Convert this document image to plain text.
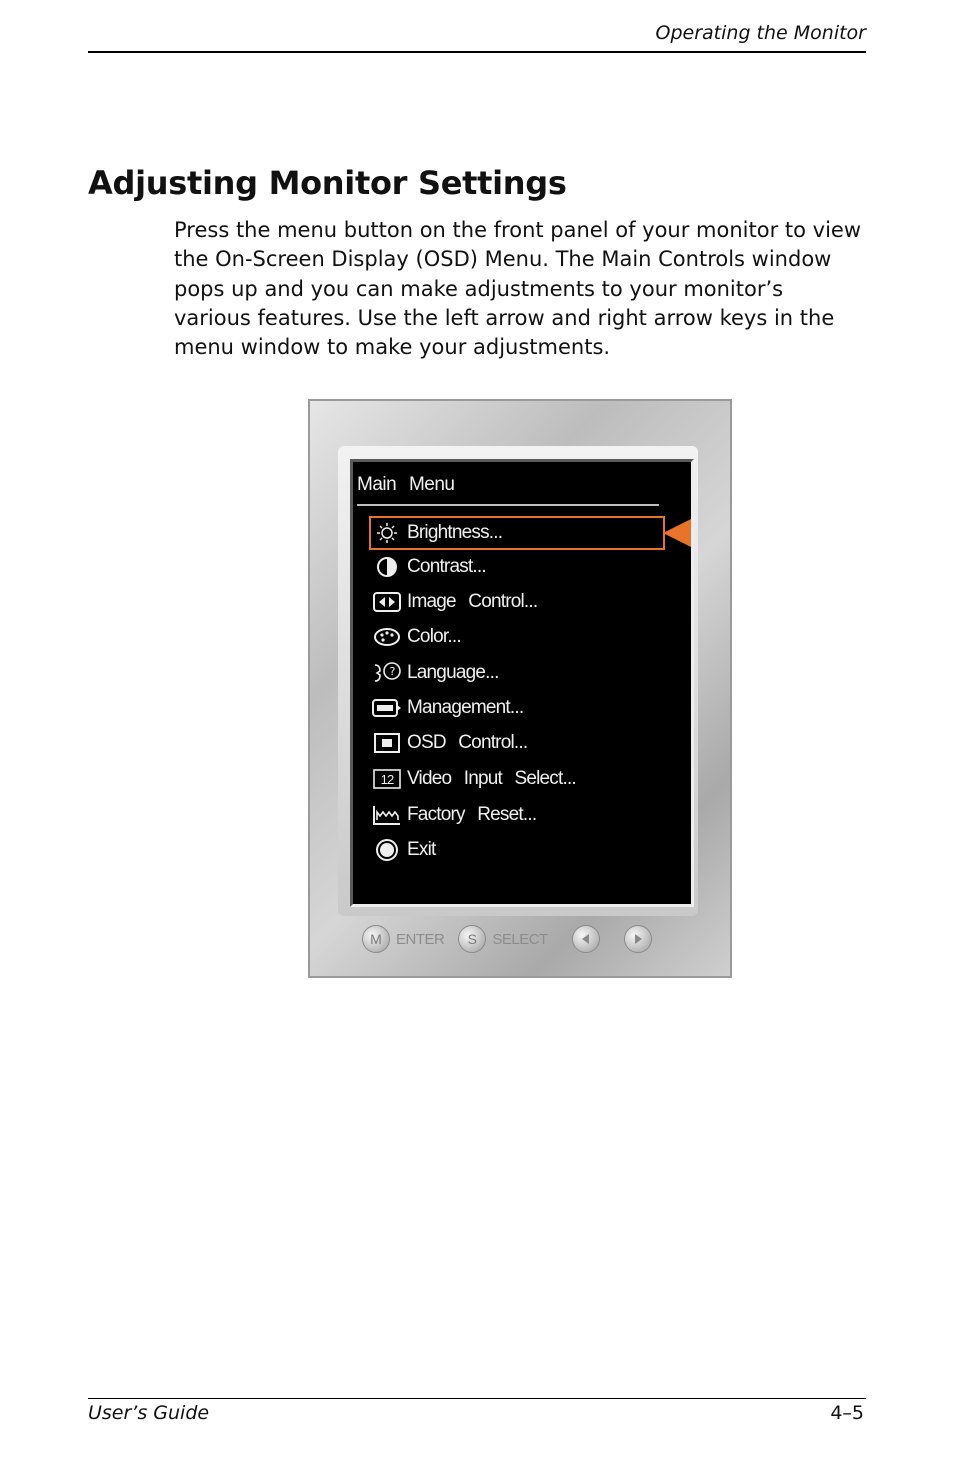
Operating the Monitor
Adjusting Monitor Settings

Press the menu button on the front panel of your monitor to view the On-Screen Display (OSD) Menu. The Main Controls window pops up and you can make adjustments to your monitor’s various features. Use the left arrow and right arrow keys in the menu window to make your adjustments.

Main Menu
Brightness...
Contrast...
Image Control...
Color...
? Language...
Management...
OSD Control...
12 Video Input Select...
Factory Reset...
Exit
M ENTER	S	SELECT
User’s Guide	4–5
